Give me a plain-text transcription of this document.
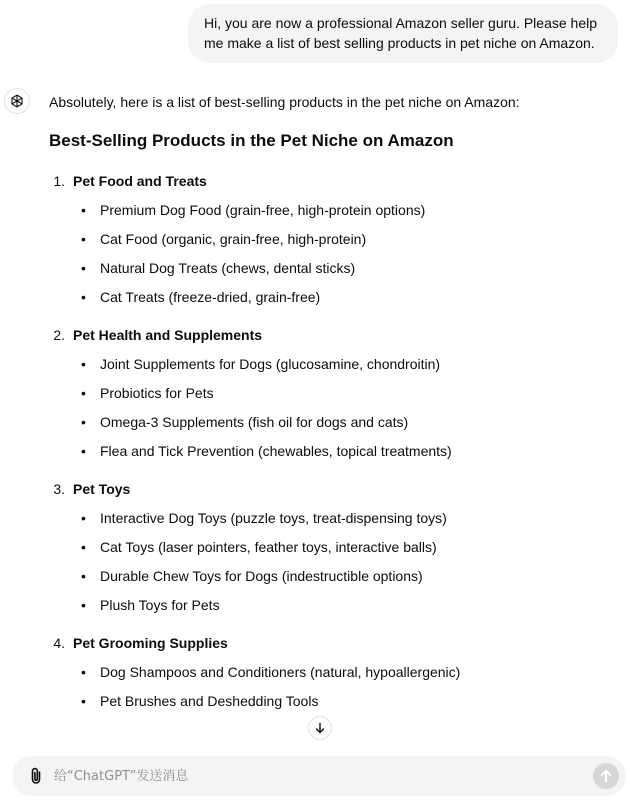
Hi, you are now a professional Amazon seller guru. Please help me make a list of best selling products in pet niche on Amazon.

Absolutely, here is a list of best-selling products in the pet niche on Amazon:

Best-Selling Products in the Pet Niche on Amazon
1. Pet Food and Treats
•	Premium Dog Food (grain-free, high-protein options)
•	Cat Food (organic, grain-free, high-protein)
•	Natural Dog Treats (chews, dental sticks)
•	Cat Treats (freeze-dried, grain-free)
2. Pet Health and Supplements
•	Joint Supplements for Dogs (glucosamine, chondroitin)
•	Probiotics for Pets
•	Omega-3 Supplements (fish oil for dogs and cats)
•	Flea and Tick Prevention (chewables, topical treatments)
3. Pet Toys
•	Interactive Dog Toys (puzzle toys, treat-dispensing toys)
•	Cat Toys (laser pointers, feather toys, interactive balls)
•	Durable Chew Toys for Dogs (indestructible options)
•	Plush Toys for Pets
4. Pet Grooming Supplies
•	Dog Shampoos and Conditioners (natural, hypoallergenic)
•	Pet Brushes and Deshedding Tools
给“ChatGPT”发送消息
